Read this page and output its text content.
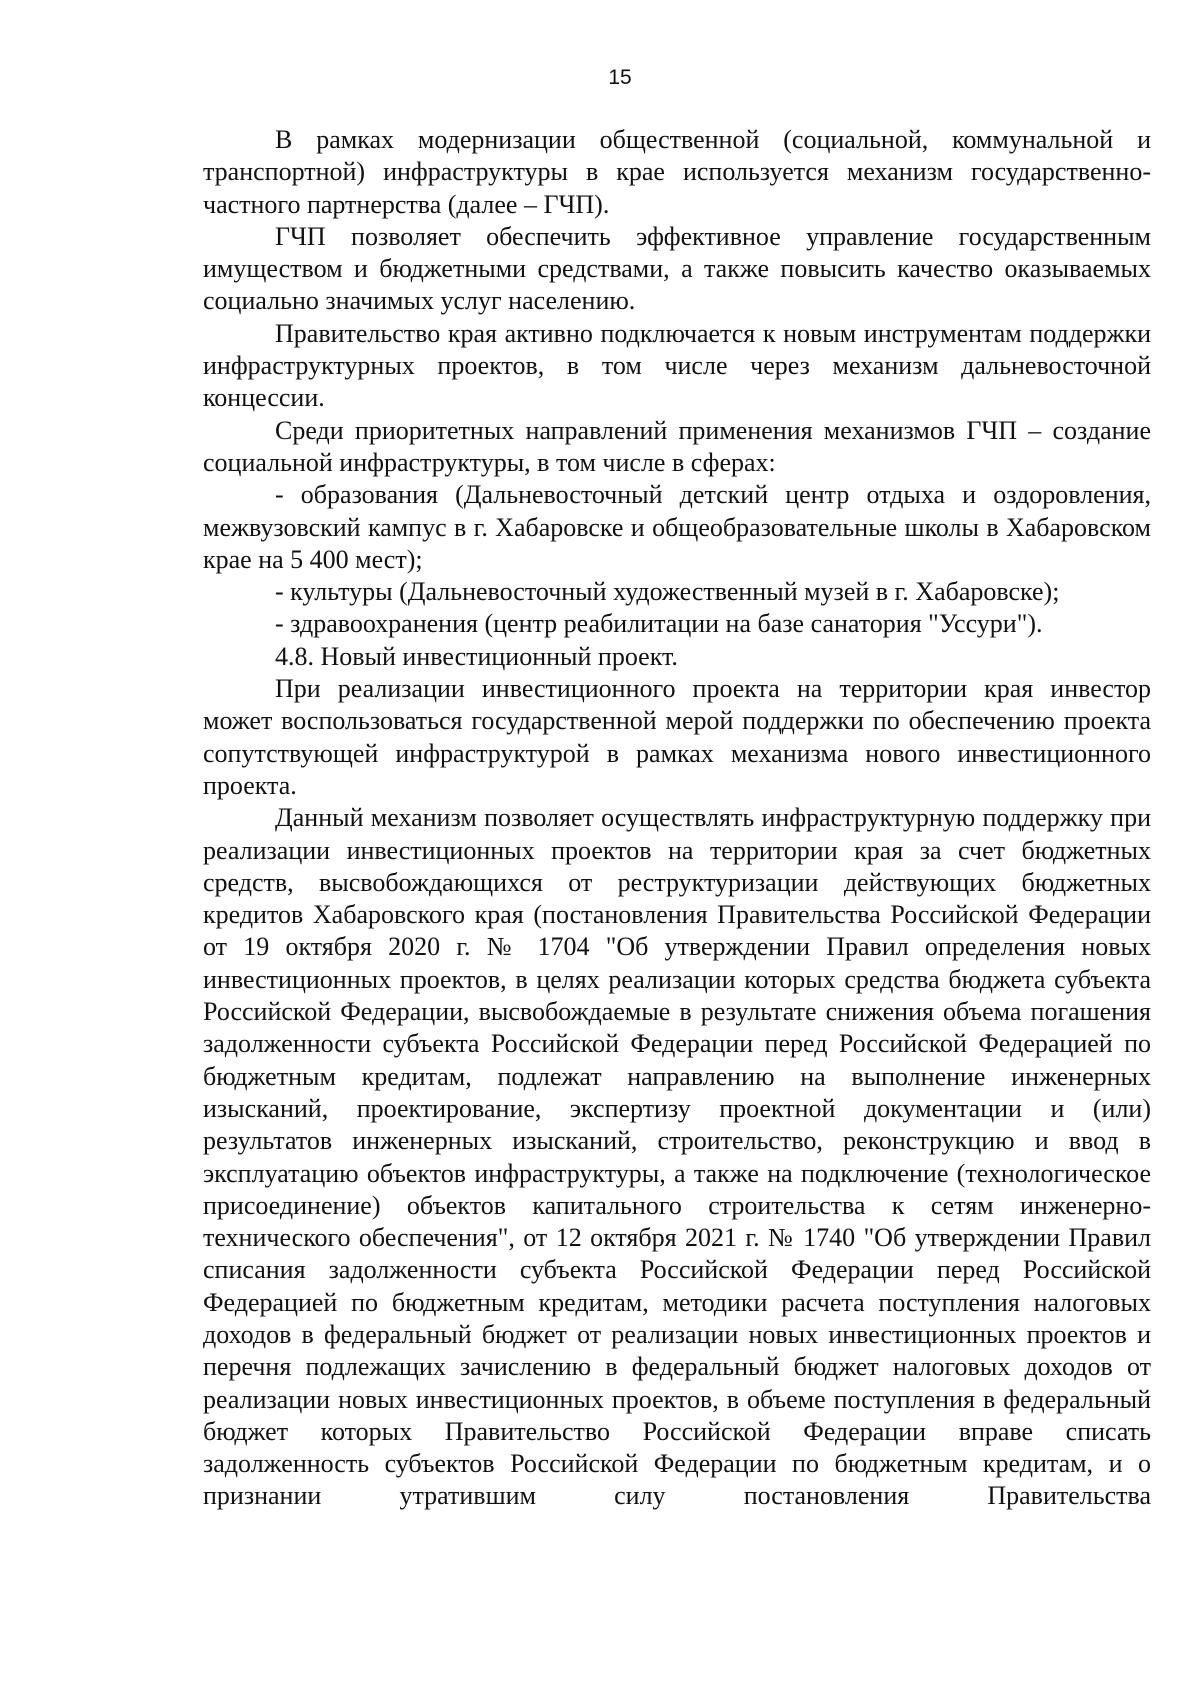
15

В рамках модернизации общественной (социальной, коммунальной и транспортной) инфраструктуры в крае используется механизм государственно-частного партнерства (далее – ГЧП).

ГЧП позволяет обеспечить эффективное управление государственным имуществом и бюджетными средствами, а также повысить качество оказываемых социально значимых услуг населению.

Правительство края активно подключается к новым инструментам поддержки инфраструктурных проектов, в том числе через механизм дальневосточной концессии.

Среди приоритетных направлений применения механизмов ГЧП – создание социальной инфраструктуры, в том числе в сферах:

- образования (Дальневосточный детский центр отдыха и оздоровления, межвузовский кампус в г. Хабаровске и общеобразовательные школы в Хабаровском крае на 5 400 мест);

- культуры (Дальневосточный художественный музей в г. Хабаровске);

- здравоохранения (центр реабилитации на базе санатория "Уссури").

4.8. Новый инвестиционный проект.

При реализации инвестиционного проекта на территории края инвестор может воспользоваться государственной мерой поддержки по обеспечению проекта сопутствующей инфраструктурой в рамках механизма нового инвестиционного проекта.

Данный механизм позволяет осуществлять инфраструктурную поддержку при реализации инвестиционных проектов на территории края за счет бюджетных средств, высвобождающихся от реструктуризации действующих бюджетных кредитов Хабаровского края (постановления Правительства Российской Федерации от 19 октября 2020 г. № 1704 "Об утверждении Правил определения новых инвестиционных проектов, в целях реализации которых средства бюджета субъекта Российской Федерации, высвобождаемые в результате снижения объема погашения задолженности субъекта Российской Федерации перед Российской Федерацией по бюджетным кредитам, подлежат направлению на выполнение инженерных изысканий, проектирование, экспертизу проектной документации и (или) результатов инженерных изысканий, строительство, реконструкцию и ввод в эксплуатацию объектов инфраструктуры, а также на подключение (технологическое присоединение) объектов капитального строительства к сетям инженерно-технического обеспечения", от 12 октября 2021 г. № 1740 "Об утверждении Правил списания задолженности субъекта Российской Федерации перед Российской Федерацией по бюджетным кредитам, методики расчета поступления налоговых доходов в федеральный бюджет от реализации новых инвестиционных проектов и перечня подлежащих зачислению в федеральный бюджет налоговых доходов от реализации новых инвестиционных проектов, в объеме поступления в федеральный бюджет которых Правительство Российской Федерации вправе списать задолженность субъектов Российской Федерации по бюджетным кредитам, и о признании утратившим силу постановления Правительства
